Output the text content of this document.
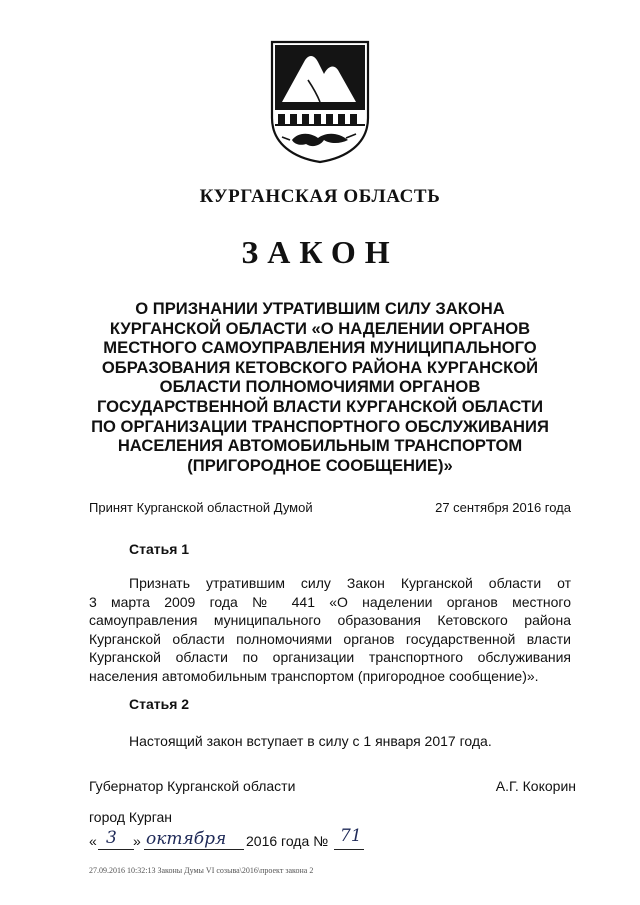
КУРГАНСКАЯ ОБЛАСТЬ
ЗАКОН
О ПРИЗНАНИИ УТРАТИВШИМ СИЛУ ЗАКОНА
КУРГАНСКОЙ ОБЛАСТИ «О НАДЕЛЕНИИ ОРГАНОВ
МЕСТНОГО САМОУПРАВЛЕНИЯ МУНИЦИПАЛЬНОГО
ОБРАЗОВАНИЯ КЕТОВСКОГО РАЙОНА КУРГАНСКОЙ
ОБЛАСТИ ПОЛНОМОЧИЯМИ ОРГАНОВ
ГОСУДАРСТВЕННОЙ ВЛАСТИ КУРГАНСКОЙ ОБЛАСТИ
ПО ОРГАНИЗАЦИИ ТРАНСПОРТНОГО ОБСЛУЖИВАНИЯ
НАСЕЛЕНИЯ АВТОМОБИЛЬНЫМ ТРАНСПОРТОМ
(ПРИГОРОДНОЕ СООБЩЕНИЕ)»
Принят Курганской областной Думой	27 сентября 2016 года
Статья 1
Признать утратившим силу Закон Курганской области от
3 марта 2009 года № 441 «О наделении органов местного
самоуправления муниципального образования Кетовского района
Курганской области полномочиями органов государственной власти
Курганской области по организации транспортного обслуживания
населения автомобильным транспортом (пригородное сообщение)».
Статья 2
Настоящий закон вступает в силу с 1 января 2017 года.
Губернатор Курганской области	А.Г. Кокорин
город Курган
« 3 » октября 2016 года № 71
27.09.2016 10:32:13 Законы Думы VI созыва\2016\проект закона 2
